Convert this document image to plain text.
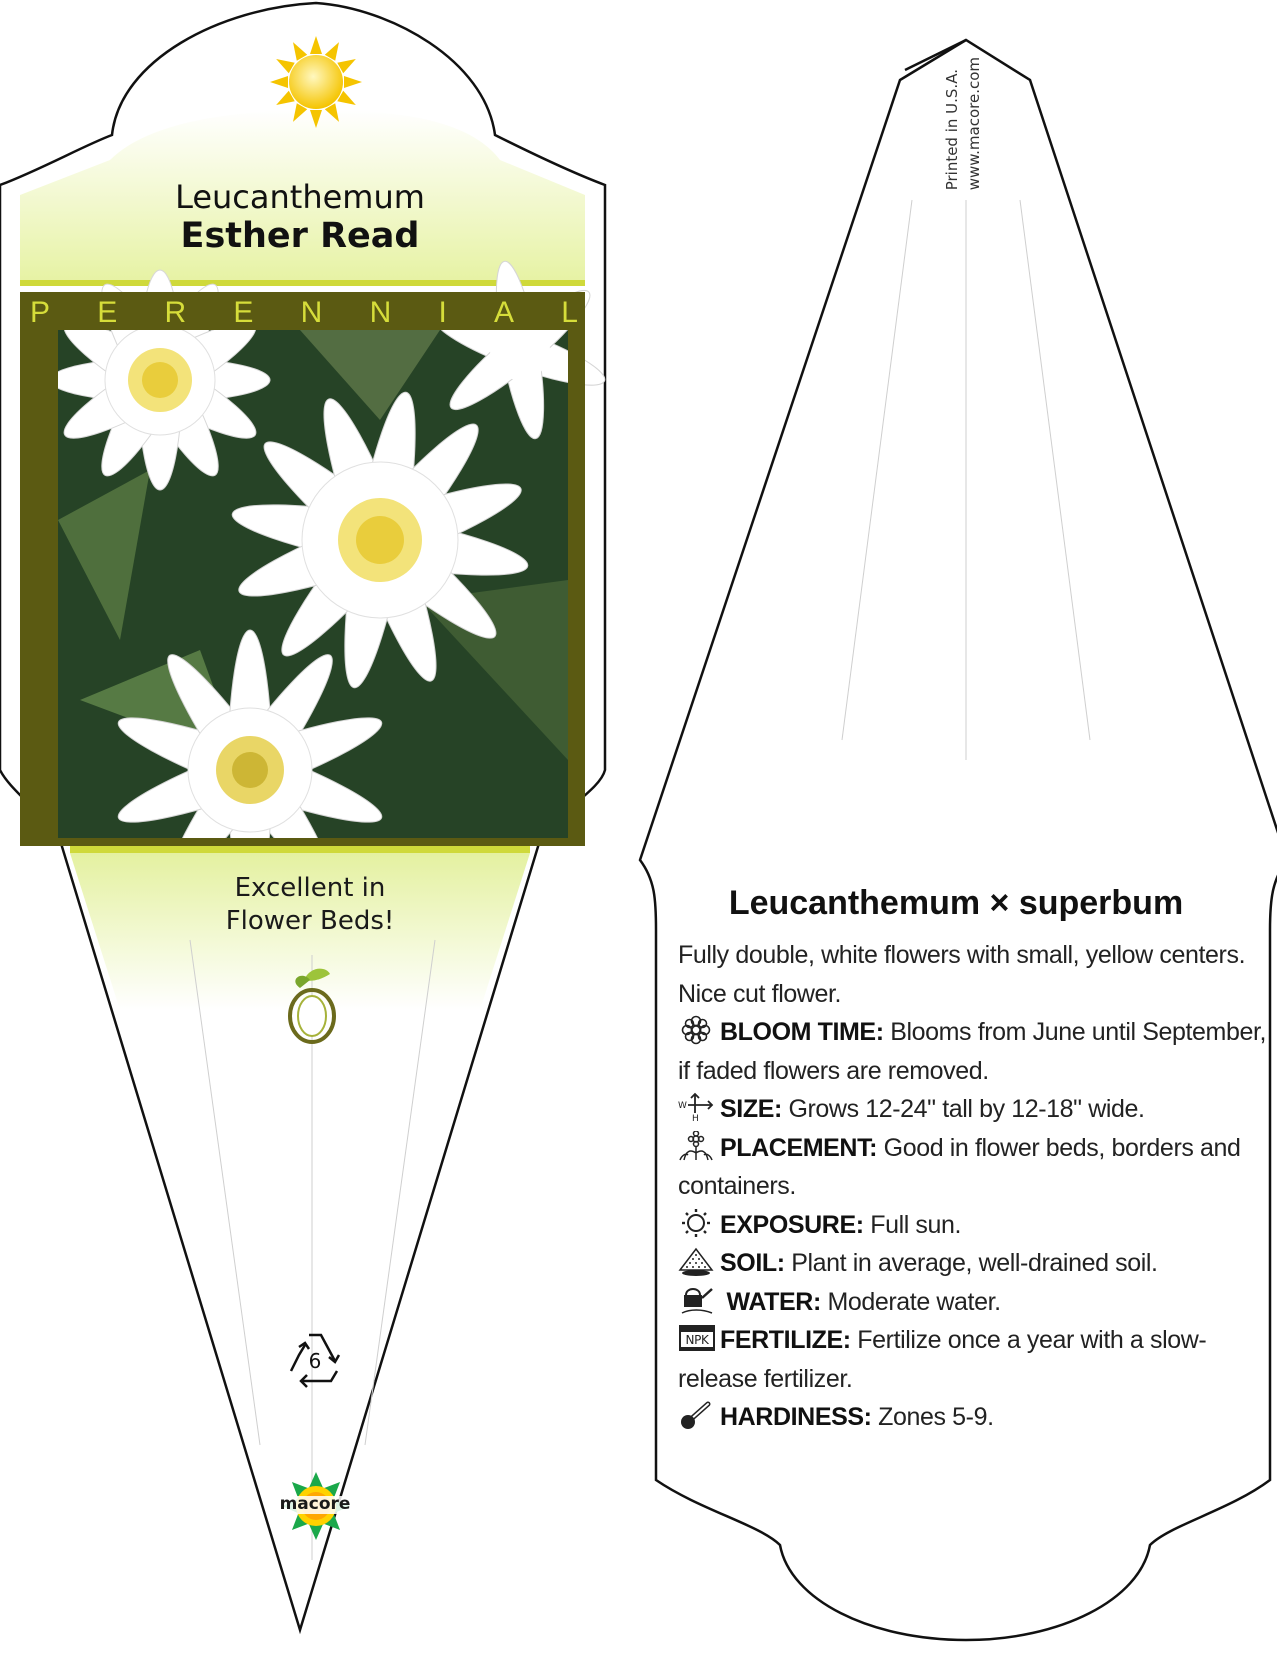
Leucanthemum
Esther Read
P E R E N N I A L
Excellent in
Flower Beds!
6
macore
Printed in U.S.A. www.macore.com
Leucanthemum × superbum

Fully double, white flowers with small, yellow centers. Nice cut flower.

BLOOM TIME: Blooms from June until September, if faded flowers are removed.

W
H SIZE: Grows 12-24" tall by 12-18" wide.

PLACEMENT: Good in flower beds, borders and containers.

EXPOSURE: Full sun.

SOIL: Plant in average, well-drained soil.

WATER: Moderate water.

NPK FERTILIZE: Fertilize once a year with a slow-release fertilizer.

HARDINESS: Zones 5-9.
